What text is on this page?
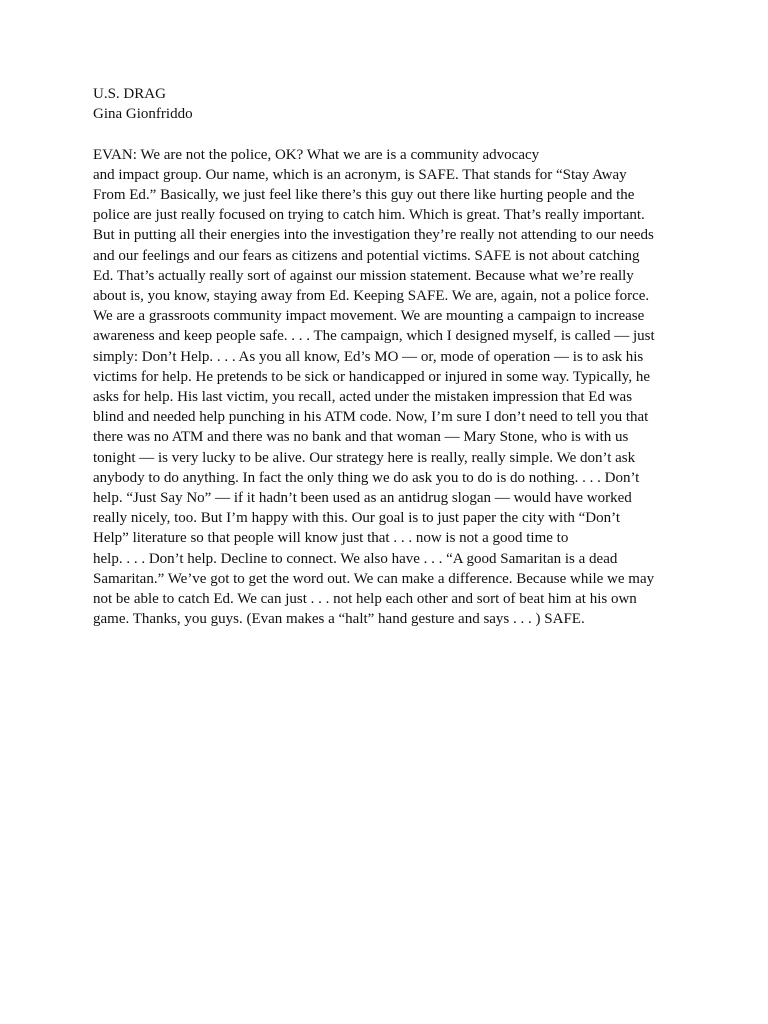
U.S. DRAG
Gina Gionfriddo
EVAN: We are not the police, OK? What we are is a community advocacy
and impact group. Our name, which is an acronym, is SAFE. That stands for “Stay Away
From Ed.” Basically, we just feel like there’s this guy out there like hurting people and the
police are just really focused on trying to catch him. Which is great. That’s really important.
But in putting all their energies into the investigation they’re really not attending to our needs
and our feelings and our fears as citizens and potential victims. SAFE is not about catching
Ed. That’s actually really sort of against our mission statement. Because what we’re really
about is, you know, staying away from Ed. Keeping SAFE. We are, again, not a police force.
We are a grassroots community impact movement. We are mounting a campaign to increase
awareness and keep people safe. . . . The campaign, which I designed myself, is called — just
simply: Don’t Help. . . . As you all know, Ed’s MO — or, mode of operation — is to ask his
victims for help. He pretends to be sick or handicapped or injured in some way. Typically, he
asks for help. His last victim, you recall, acted under the mistaken impression that Ed was
blind and needed help punching in his ATM code. Now, I’m sure I don’t need to tell you that
there was no ATM and there was no bank and that woman — Mary Stone, who is with us
tonight — is very lucky to be alive. Our strategy here is really, really simple. We don’t ask
anybody to do anything. In fact the only thing we do ask you to do is do nothing. . . . Don’t
help. “Just Say No” — if it hadn’t been used as an antidrug slogan — would have worked
really nicely, too. But I’m happy with this. Our goal is to just paper the city with “Don’t
Help” literature so that people will know just that . . . now is not a good time to
help. . . . Don’t help. Decline to connect. We also have . . . “A good Samaritan is a dead
Samaritan.” We’ve got to get the word out. We can make a difference. Because while we may
not be able to catch Ed. We can just . . . not help each other and sort of beat him at his own
game. Thanks, you guys. (Evan makes a “halt” hand gesture and says . . . ) SAFE.
